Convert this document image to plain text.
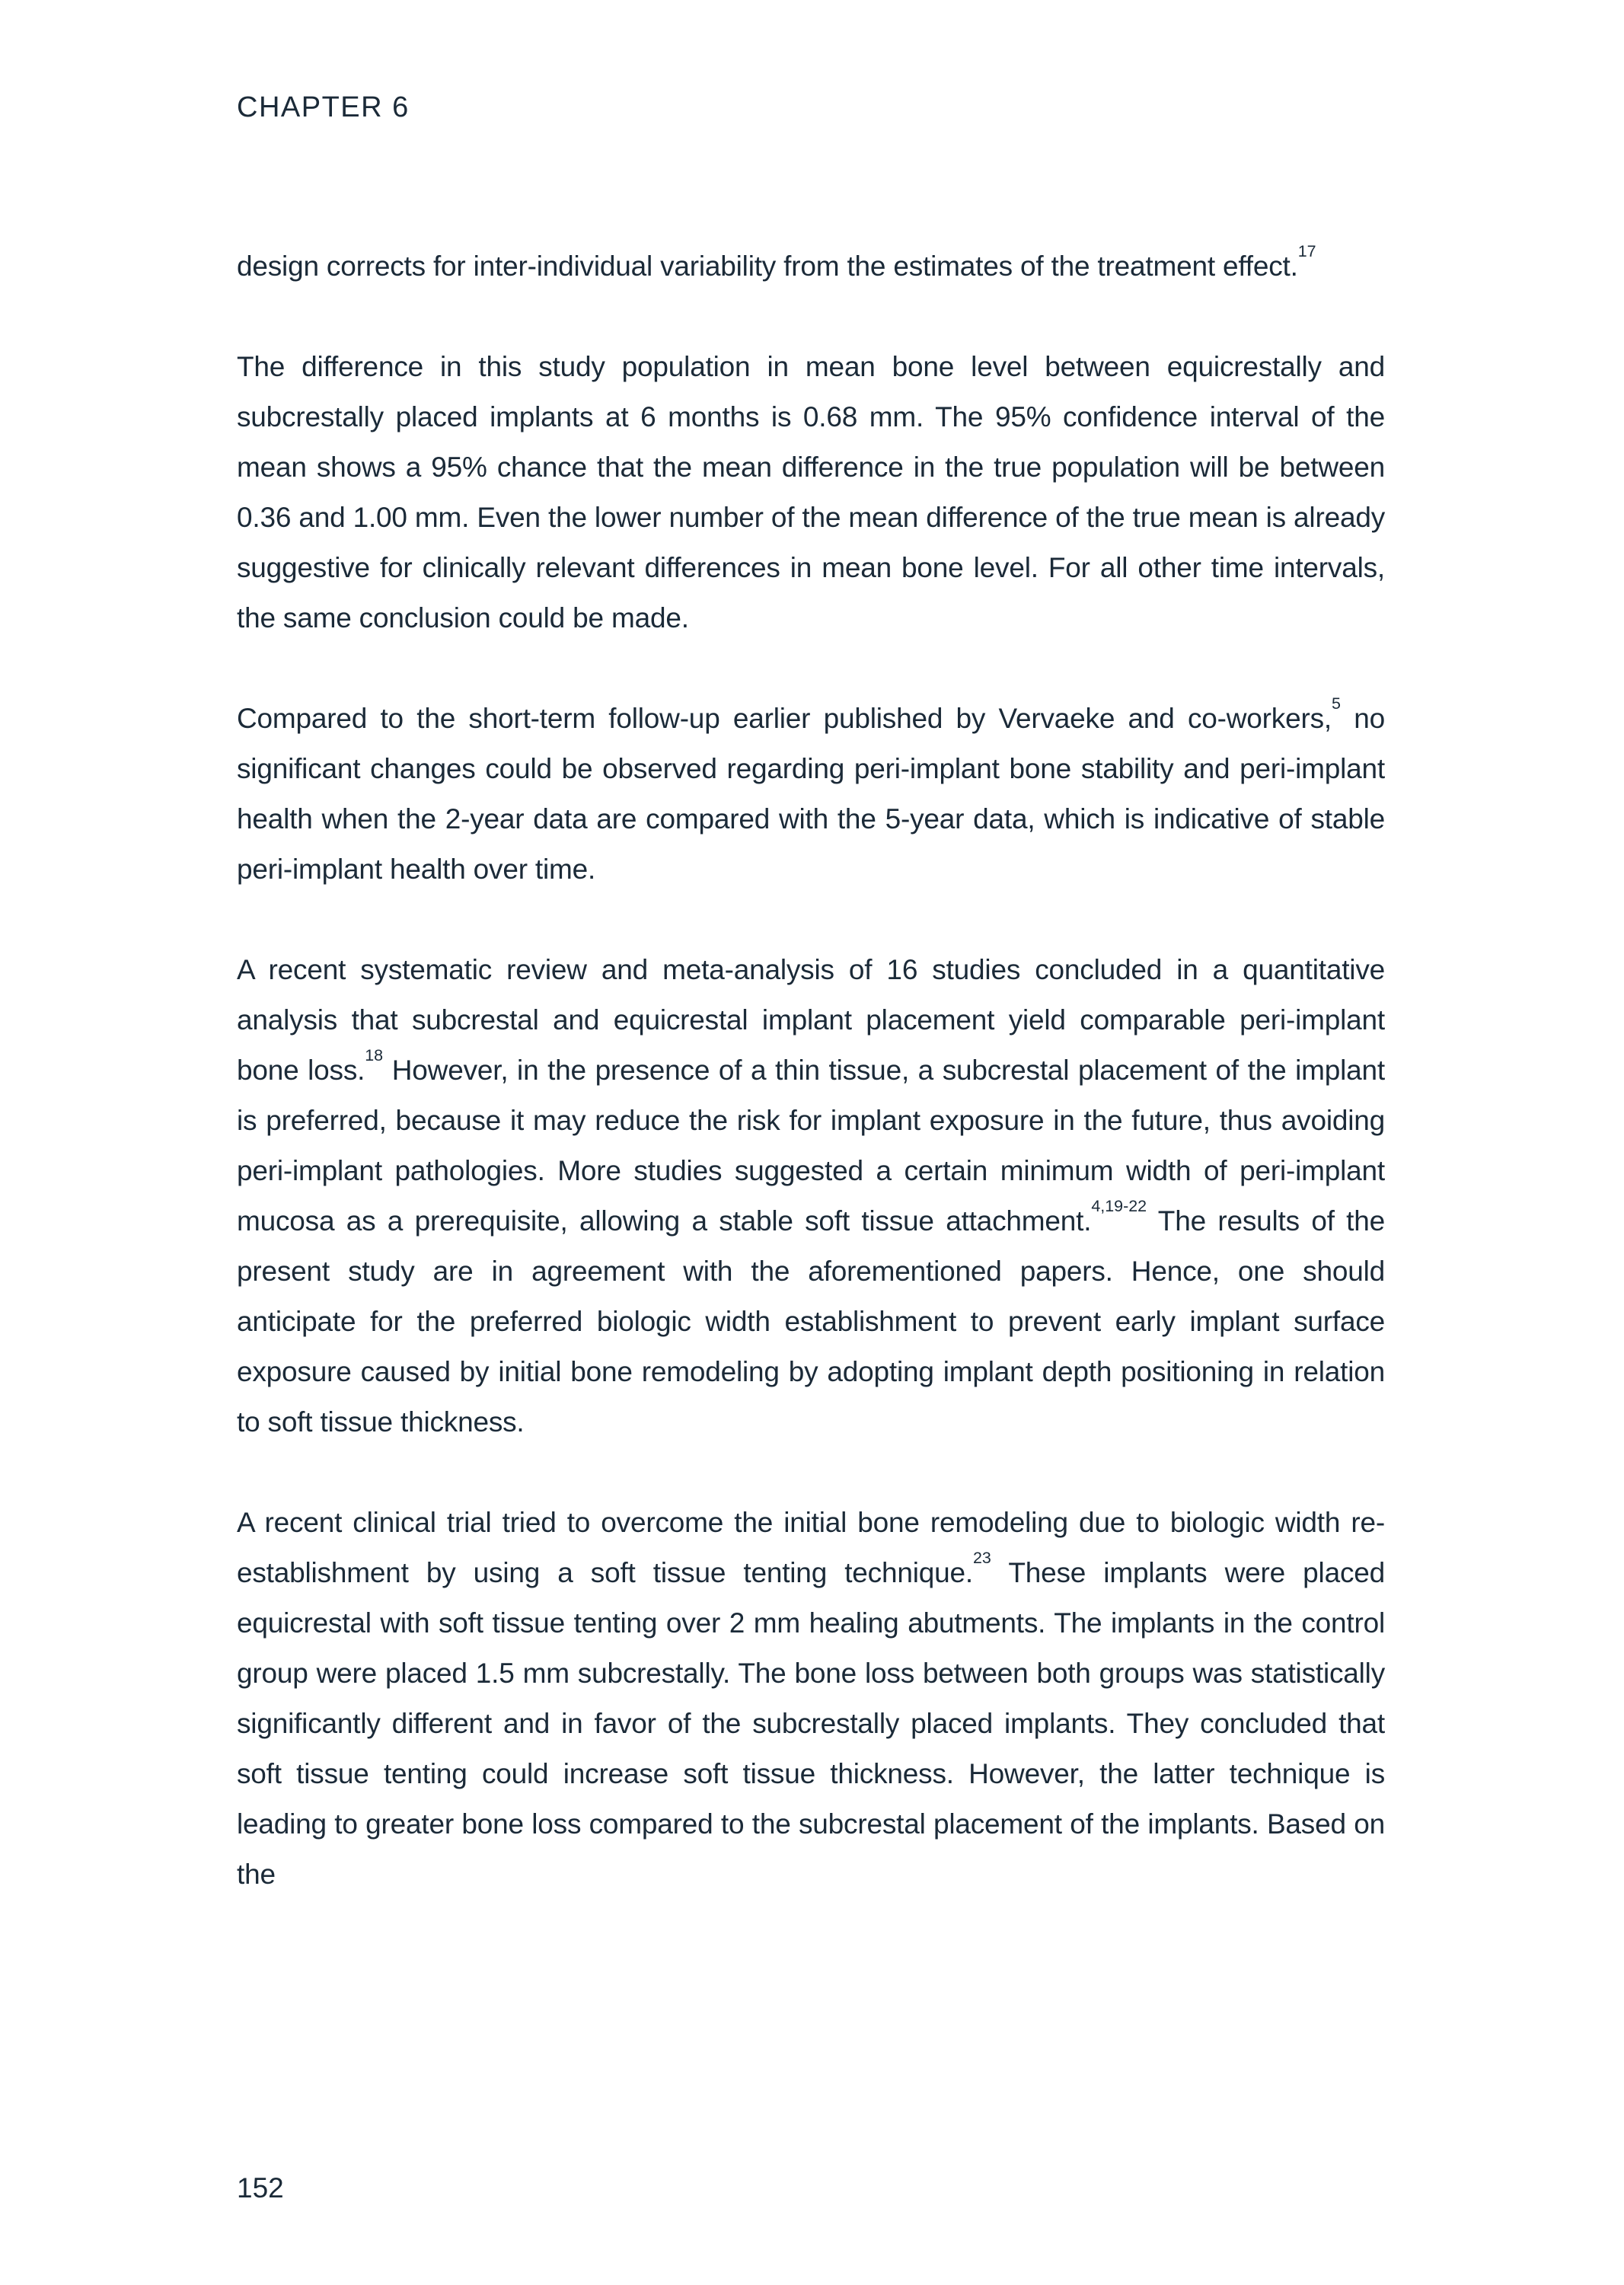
CHAPTER 6

design corrects for inter-individual variability from the estimates of the treatment effect.$^{17}$

The difference in this study population in mean bone level between equicrestally and subcrestally placed implants at 6 months is 0.68 mm. The 95% confidence interval of the mean shows a 95% chance that the mean difference in the true population will be between 0.36 and 1.00 mm. Even the lower number of the mean difference of the true mean is already suggestive for clinically relevant differences in mean bone level. For all other time intervals, the same conclusion could be made.

Compared to the short-term follow-up earlier published by Vervaeke and co-workers,$^5$ no significant changes could be observed regarding peri-implant bone stability and peri-implant health when the 2-year data are compared with the 5-year data, which is indicative of stable peri-implant health over time.

A recent systematic review and meta-analysis of 16 studies concluded in a quantitative analysis that subcrestal and equicrestal implant placement yield comparable peri-implant bone loss.$^{18}$ However, in the presence of a thin tissue, a subcrestal placement of the implant is preferred, because it may reduce the risk for implant exposure in the future, thus avoiding peri-implant pathologies. More studies suggested a certain minimum width of peri-implant mucosa as a prerequisite, allowing a stable soft tissue attachment.$^{4,19-22}$ The results of the present study are in agreement with the aforementioned papers. Hence, one should anticipate for the preferred biologic width establishment to prevent early implant surface exposure caused by initial bone remodeling by adopting implant depth positioning in relation to soft tissue thickness.

A recent clinical trial tried to overcome the initial bone remodeling due to biologic width re-establishment by using a soft tissue tenting technique.$^{23}$ These implants were placed equicrestal with soft tissue tenting over 2 mm healing abutments. The implants in the control group were placed 1.5 mm subcrestally. The bone loss between both groups was statistically significantly different and in favor of the subcrestally placed implants. They concluded that soft tissue tenting could increase soft tissue thickness. However, the latter technique is leading to greater bone loss compared to the subcrestal placement of the implants. Based on the

152
